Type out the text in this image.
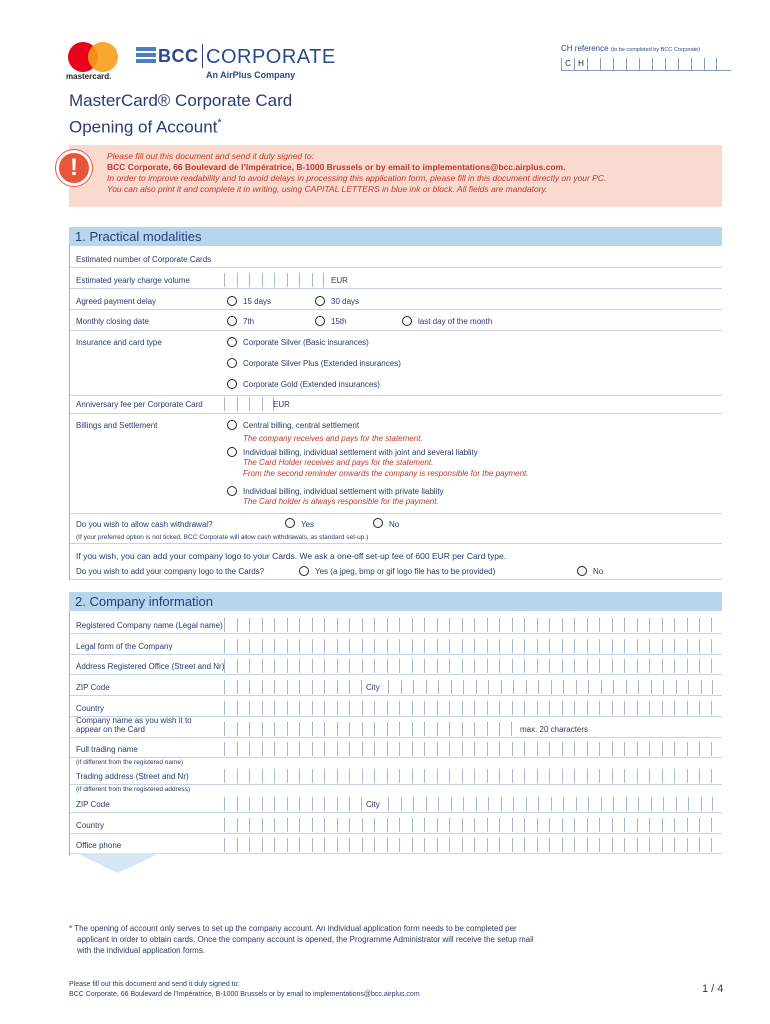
mastercard.
BCC CORPORATE
An AirPlus Company
CH reference (to be completed by BCC Corporate)
C H
MasterCard® Corporate Card
Opening of Account*
!	Please fill out this document and send it duly signed to:
BCC Corporate, 66 Boulevard de l’Impératrice, B-1000 Brussels or by email to implementations@bcc.airplus.com.
In order to improve readability and to avoid delays in processing this application form, please fill in this document directly on your PC.
You can also print it and complete it in writing, using CAPITAL LETTERS in blue ink or block. All fields are mandatory.
1. Practical modalities
Estimated number of Corporate Cards
Estimated yearly charge volume	EUR
Agreed payment delay	15 days	30 days
Monthly closing date	7th	15th	last day of the month
Insurance and card type	Corporate Silver (Basic insurances)
Corporate Silver Plus (Extended insurances)
Corporate Gold (Extended insurances)
Anniversary fee per Corporate Card	EUR
Billings and Settlement	Central billing, central settlement
The company receives and pays for the statement.
Individual billing, individual settlement with joint and several liablity
The Card Holder receives and pays for the statement.
From the second reminder onwards the company is responsible for the payment.
Individual billing, individual settlement with private liablity
The Card holder is always responsible for the payment.
Do you wish to allow cash withdrawal?	Yes	No
(If your preferred option is not ticked, BCC Corporate will allow cash withdrawals, as standard set-up.)
If you wish, you can add your company logo to your Cards. We ask a one-off set-up fee of 600 EUR per Card type.
Do you wish to add your company logo to the Cards?	Yes (a jpeg, bmp or gif logo file has to be provided)	No
2. Company information
Registered Company name (Legal name)
Legal form of the Company
Address Registered Office (Street and Nr)
ZIP Code	City
Country
Company name as you wish it to
appear on the Card	max. 20 characters
Full trading name
(if different from the registered name)
Trading address (Street and Nr)
(if different from the registered address)
ZIP Code	City
Country
Office phone
* The opening of account only serves to set up the company account. An individual application form needs to be completed per
applicant in order to obtain cards. Once the company account is opened, the Programme Administrator will receive the setup mail
with the individual application forms.
Please fill out this document and send it duly signed to:
BCC Corporate, 66 Boulevard de l’Impératrice, B-1000 Brussels or by email to implementations@bcc.airplus.com	1 / 4
